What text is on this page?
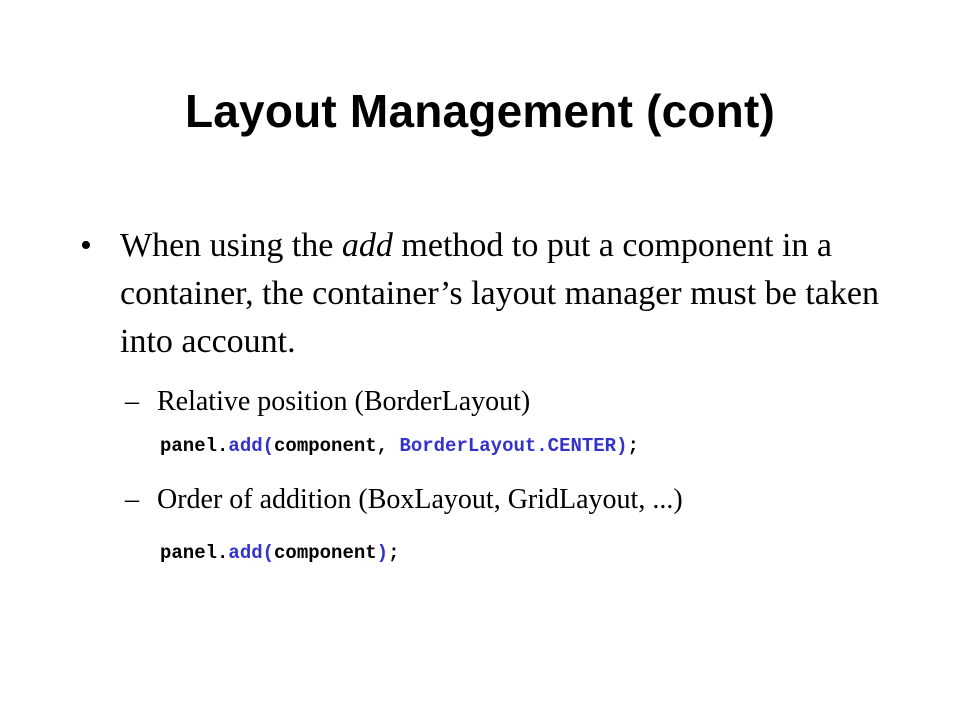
Layout Management (cont)
• When using the add method to put a component in a container, the container’s layout manager must be taken into account.
– Relative position (BorderLayout)
panel.add(component, BorderLayout.CENTER);
– Order of addition (BoxLayout, GridLayout, ...)
panel.add(component);
